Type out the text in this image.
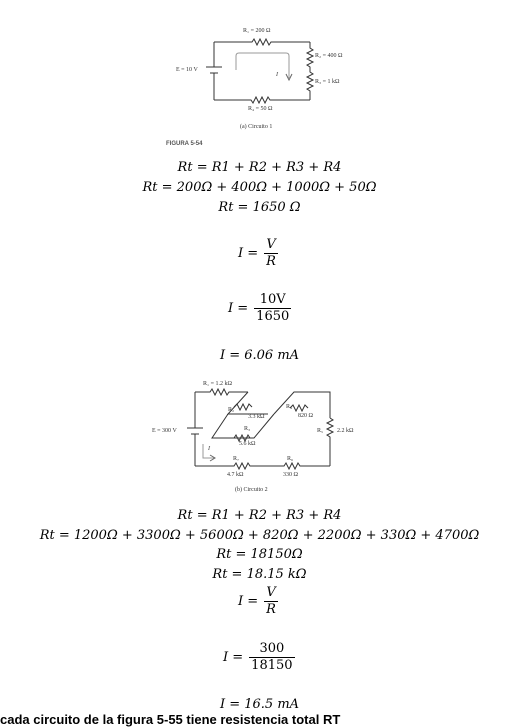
R₁ = 200 Ω
R₂ = 400 Ω
R₃ = 1 kΩ
R₄ = 50 Ω
E = 10 V
I
(a) Circuito 1
FIGURA 5-54
Rt = R1 + R2 + R3 + R4
Rt = 200Ω + 400Ω + 1000Ω + 50Ω
Rt = 1650 Ω
$I = \frac{V}{R}$
$I = \frac{10V}{1650}$
I = 6.06 mA
R₁ = 1.2 kΩ
R₂
3.3 kΩ
R₃
5.6 kΩ
R₄
820 Ω
R₅ 2.2 kΩ
E = 300 V
I
R₇
4.7 kΩ
R₆
330 Ω
(b) Circuito 2
Rt = R1 + R2 + R3 + R4
Rt = 1200Ω + 3300Ω + 5600Ω + 820Ω + 2200Ω + 330Ω + 4700Ω
Rt = 18150Ω
Rt = 18.15 kΩ
$I = \frac{V}{R}$
$I = \frac{300}{18150}$
I = 16.5 mA
cada circuito de la figura 5-55 tiene resistencia total RT
